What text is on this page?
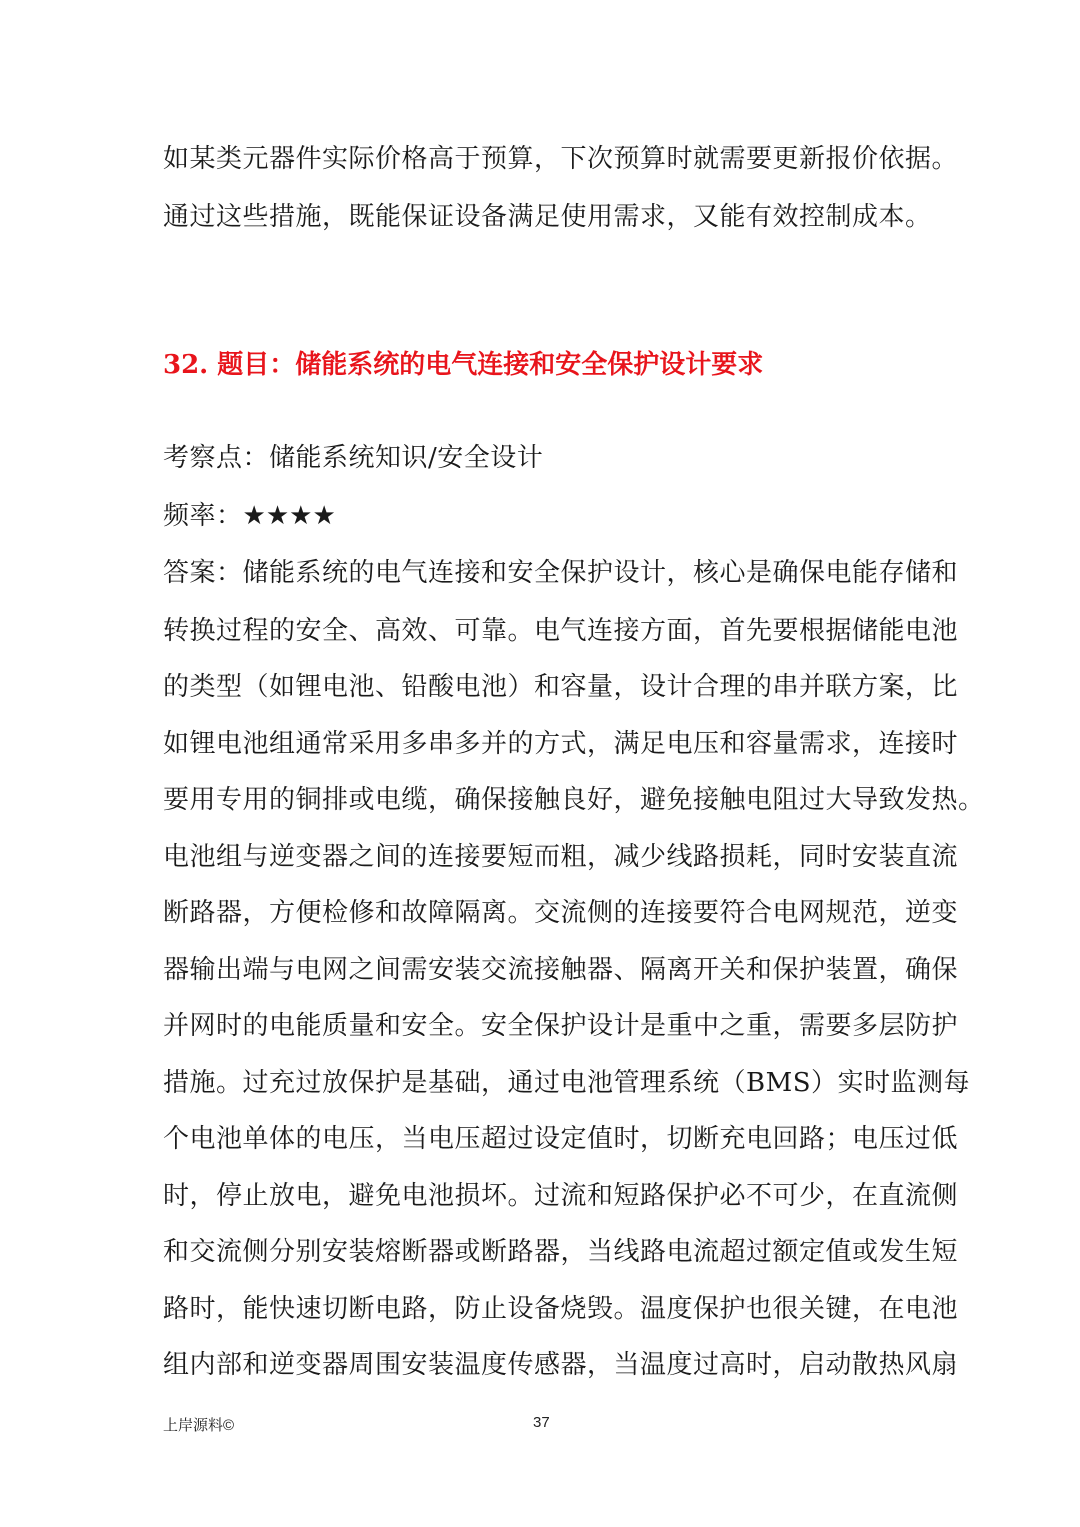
如某类元器件实际价格高于预算，下次预算时就需要更新报价依据。
通过这些措施，既能保证设备满足使用需求，又能有效控制成本。
32. 题目：储能系统的电气连接和安全保护设计要求
考察点：储能系统知识/安全设计
频率：★★★★
答案：储能系统的电气连接和安全保护设计，核心是确保电能存储和
转换过程的安全、高效、可靠。电气连接方面，首先要根据储能电池
的类型（如锂电池、铅酸电池）和容量，设计合理的串并联方案，比
如锂电池组通常采用多串多并的方式，满足电压和容量需求，连接时
要用专用的铜排或电缆，确保接触良好，避免接触电阻过大导致发热。
电池组与逆变器之间的连接要短而粗，减少线路损耗，同时安装直流
断路器，方便检修和故障隔离。交流侧的连接要符合电网规范，逆变
器输出端与电网之间需安装交流接触器、隔离开关和保护装置，确保
并网时的电能质量和安全。安全保护设计是重中之重，需要多层防护
措施。过充过放保护是基础，通过电池管理系统（BMS）实时监测每
个电池单体的电压，当电压超过设定值时，切断充电回路；电压过低
时，停止放电，避免电池损坏。过流和短路保护必不可少，在直流侧
和交流侧分别安装熔断器或断路器，当线路电流超过额定值或发生短
路时，能快速切断电路，防止设备烧毁。温度保护也很关键，在电池
组内部和逆变器周围安装温度传感器，当温度过高时，启动散热风扇
上岸源料©	37
